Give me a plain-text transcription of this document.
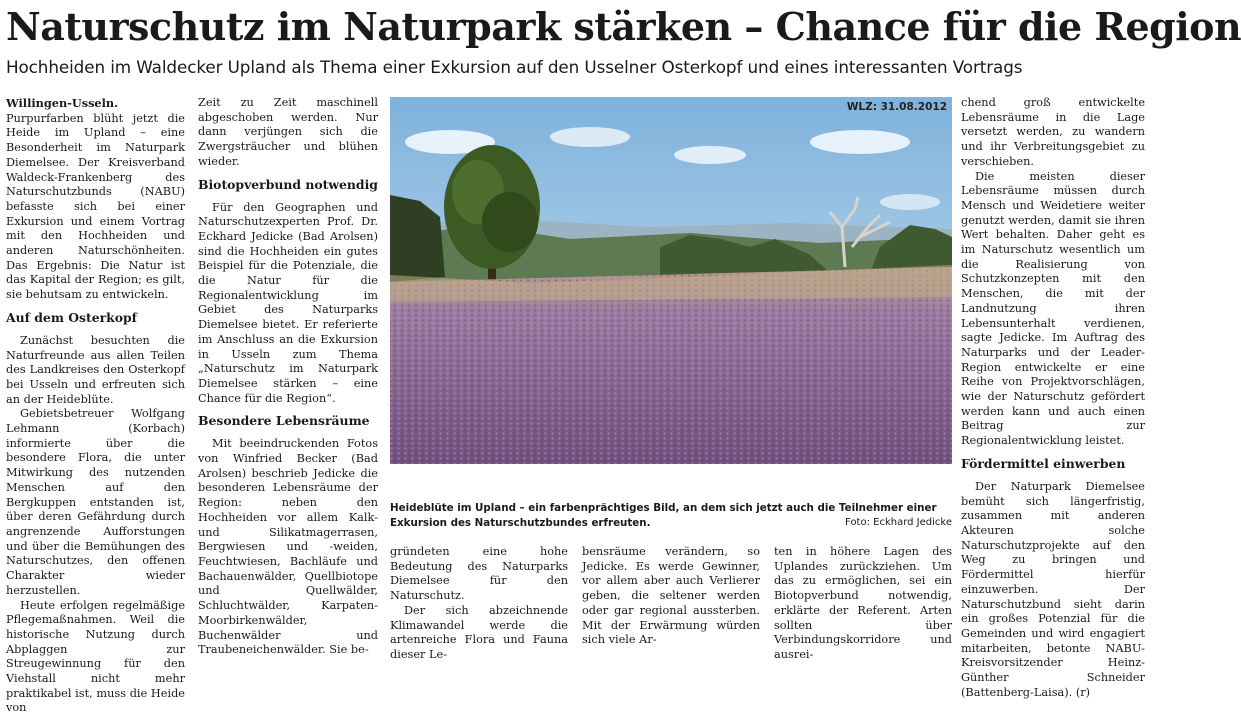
Naturschutz im Naturpark stärken – Chance für die Region

Hochheiden im Waldecker Upland als Thema einer Exkursion auf den Usselner Osterkopf und eines interessanten Vortrags

Willingen-Usseln. Purpurfarben blüht jetzt die Heide im Upland – eine Besonderheit im Naturpark Diemelsee. Der Kreisverband Waldeck-Frankenberg des Naturschutzbunds (NABU) befasste sich bei einer Exkursion und einem Vortrag mit den Hochheiden und anderen Naturschönheiten. Das Ergebnis: Die Natur ist das Kapital der Region; es gilt, sie behutsam zu entwickeln.

Auf dem Osterkopf

Zunächst besuchten die Naturfreunde aus allen Teilen des Landkreises den Osterkopf bei Usseln und erfreuten sich an der Heideblüte.

Gebietsbetreuer Wolfgang Lehmann (Korbach) informierte über die besondere Flora, die unter Mitwirkung des nutzenden Menschen auf den Bergkuppen entstanden ist, über deren Gefährdung durch angrenzende Aufforstungen und über die Bemühungen des Naturschutzes, den offenen Charakter wieder herzustellen.

Heute erfolgen regelmäßige Pflegemaßnahmen. Weil die historische Nutzung durch Abplaggen zur Streugewinnung für den Viehstall nicht mehr praktikabel ist, muss die Heide von

Zeit zu Zeit maschinell abgeschoben werden. Nur dann verjüngen sich die Zwergsträucher und blühen wieder.

Biotopverbund notwendig

Für den Geographen und Naturschutzexperten Prof. Dr. Eckhard Jedicke (Bad Arolsen) sind die Hochheiden ein gutes Beispiel für die Potenziale, die die Natur für die Regionalentwicklung im Gebiet des Naturparks Diemelsee bietet. Er referierte im Anschluss an die Exkursion in Usseln zum Thema „Naturschutz im Naturpark Diemelsee stärken – eine Chance für die Region“.

Besondere Lebensräume

Mit beeindruckenden Fotos von Winfried Becker (Bad Arolsen) beschrieb Jedicke die besonderen Lebensräume der Region: neben den Hochheiden vor allem Kalk- und Silikatmagerrasen, Bergwiesen und -weiden, Feuchtwiesen, Bachläufe und Bachauenwälder, Quellbiotope und Quellwälder, Schluchtwälder, Karpaten-Moorbirkenwälder, Buchenwälder und Traubeneichenwälder. Sie be-

WLZ: 31.08.2012
Heideblüte im Upland – ein farbenprächtiges Bild, an dem sich jetzt auch die Teilnehmer einer Exkursion des Naturschutzbundes erfreuten.	Foto: Eckhard Jedicke

gründeten eine hohe Bedeutung des Naturparks Diemelsee für den Naturschutz.

Der sich abzeichnende Klimawandel werde die artenreiche Flora und Fauna dieser Le-

bensräume verändern, so Jedicke. Es werde Gewinner, vor allem aber auch Verlierer geben, die seltener werden oder gar regional aussterben. Mit der Erwärmung würden sich viele Ar-

ten in höhere Lagen des Uplandes zurückziehen. Um das zu ermöglichen, sei ein Biotopverbund notwendig, erklärte der Referent. Arten sollten über Verbindungskorridore und ausrei-

chend groß entwickelte Lebensräume in die Lage versetzt werden, zu wandern und ihr Verbreitungsgebiet zu verschieben.

Die meisten dieser Lebensräume müssen durch Mensch und Weidetiere weiter genutzt werden, damit sie ihren Wert behalten. Daher geht es im Naturschutz wesentlich um die Realisierung von Schutzkonzepten mit den Menschen, die mit der Landnutzung ihren Lebensunterhalt verdienen, sagte Jedicke. Im Auftrag des Naturparks und der Leader-Region entwickelte er eine Reihe von Projektvorschlägen, wie der Naturschutz gefördert werden kann und auch einen Beitrag zur Regionalentwicklung leistet.

Fördermittel einwerben

Der Naturpark Diemelsee bemüht sich längerfristig, zusammen mit anderen Akteuren solche Naturschutzprojekte auf den Weg zu bringen und Fördermittel hierfür einzuwerben. Der Naturschutzbund sieht darin ein großes Potenzial für die Gemeinden und wird engagiert mitarbeiten, betonte NABU-Kreisvorsitzender Heinz-Günther Schneider (Battenberg-Laisa). (r)
